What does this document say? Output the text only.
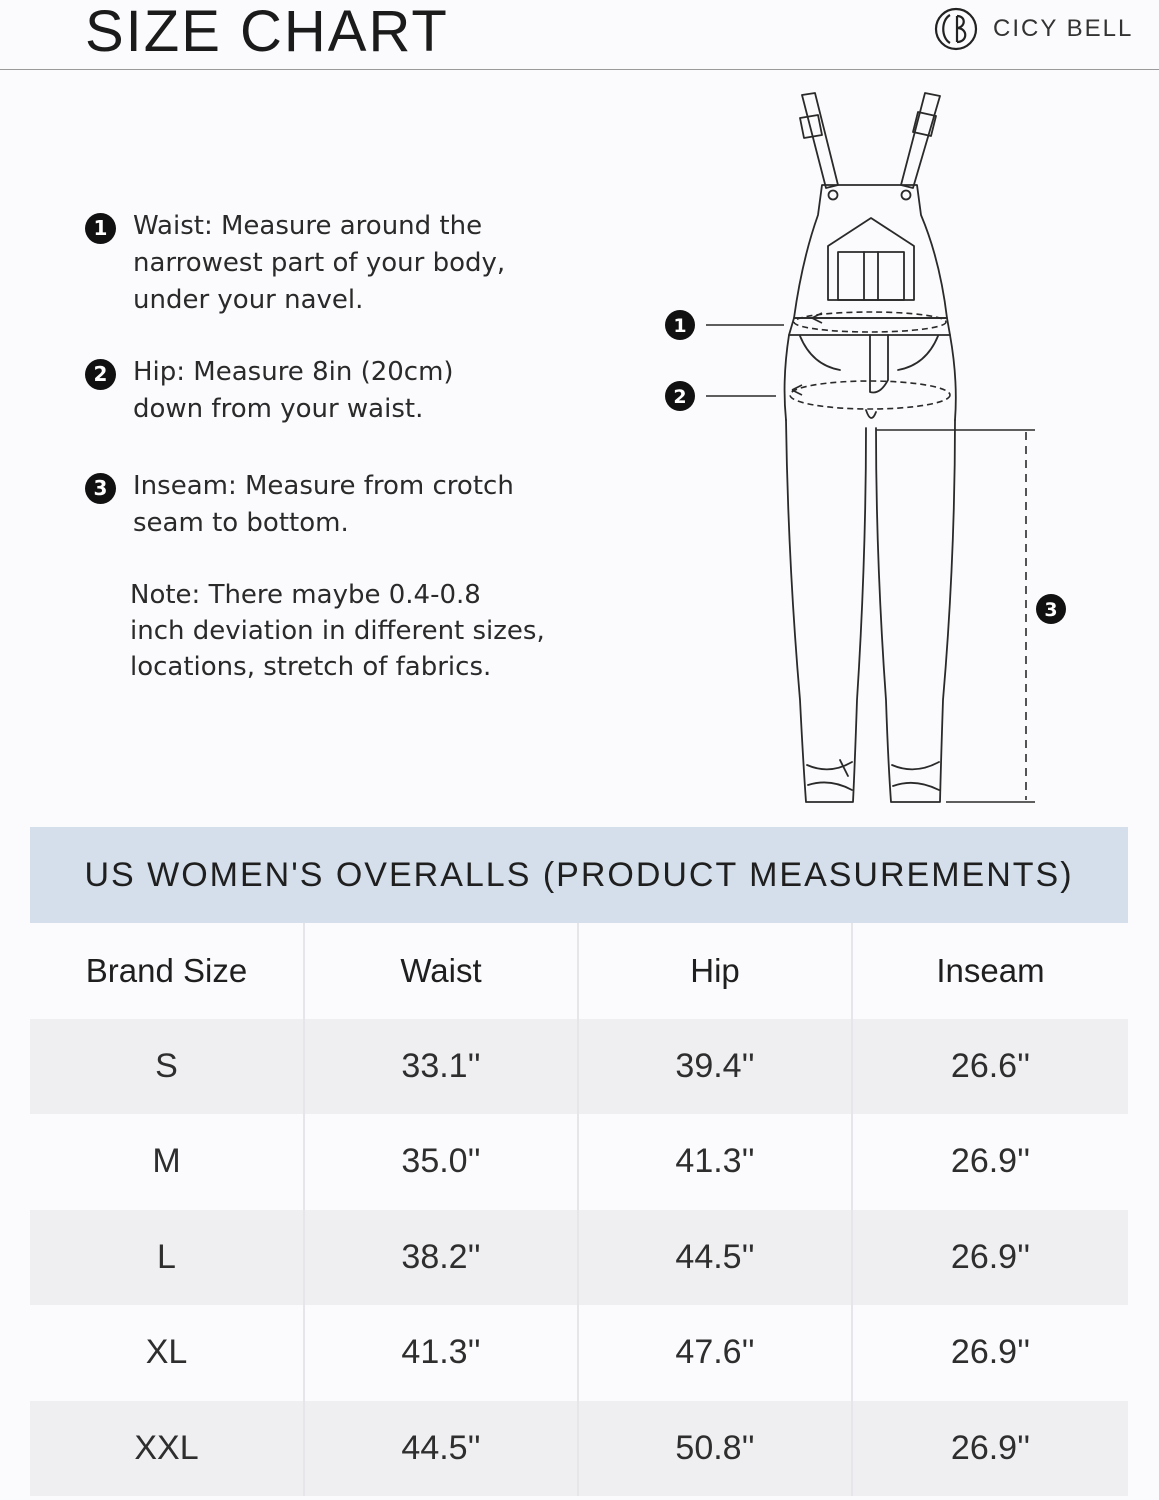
SIZE CHART	CICY BELL
1 Waist: Measure around the
narrowest part of your body,
under your navel.
2 Hip: Measure 8in (20cm)
down from your waist.
3 Inseam: Measure from crotch
seam to bottom.
Note: There maybe 0.4-0.8
inch deviation in different sizes,
locations, stretch of fabrics.
1
2
3
US WOMEN'S OVERALLS (PRODUCT MEASUREMENTS)
Brand Size	Waist	Hip	Inseam
S	33.1''	39.4''	26.6''
M	35.0''	41.3''	26.9''
L	38.2''	44.5''	26.9''
XL	41.3''	47.6''	26.9''
XXL	44.5''	50.8''	26.9''
